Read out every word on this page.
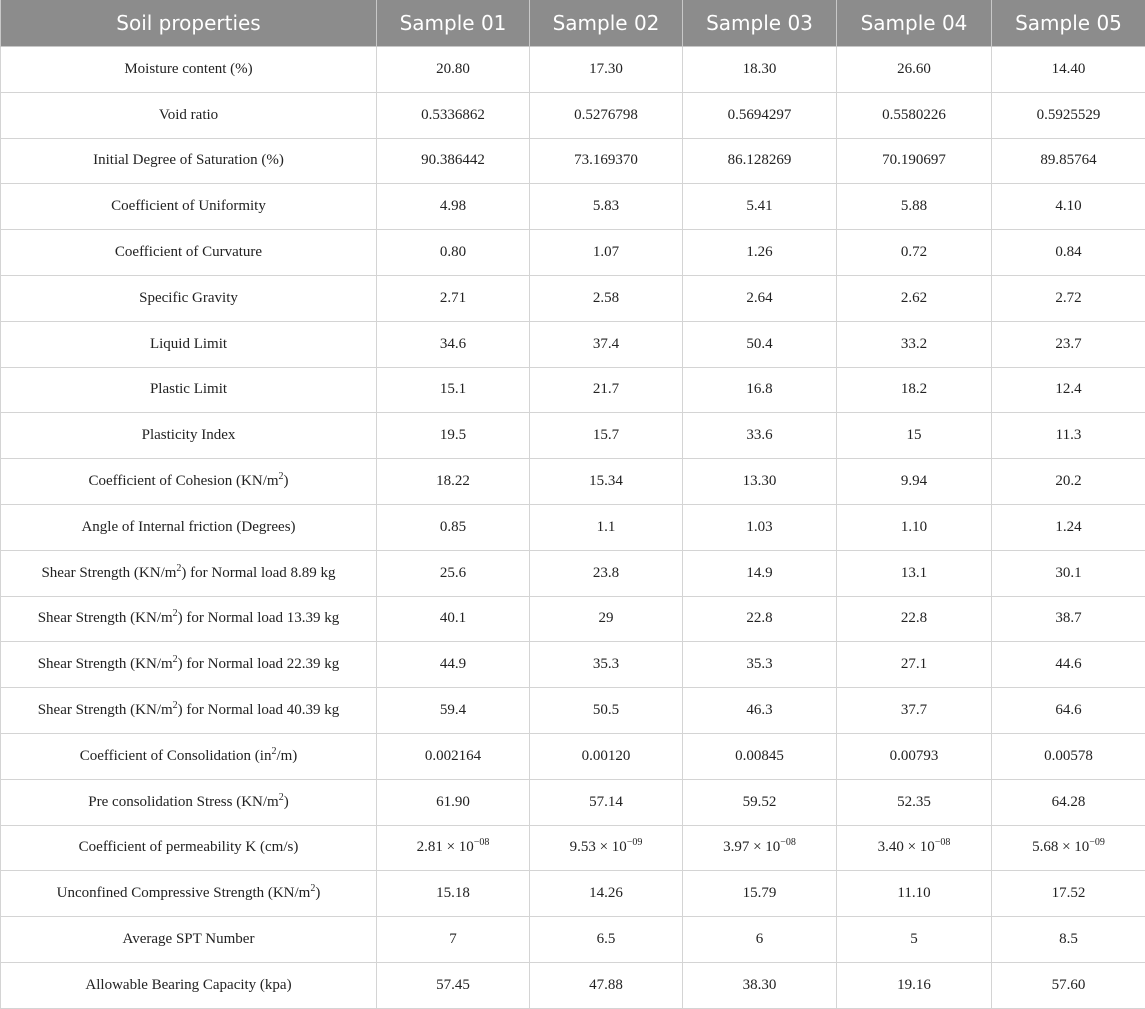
Soil properties	Sample 01	Sample 02	Sample 03	Sample 04	Sample 05
Moisture content (%)	20.80	17.30	18.30	26.60	14.40
Void ratio	0.5336862	0.5276798	0.5694297	0.5580226	0.5925529
Initial Degree of Saturation (%)	90.386442	73.169370	86.128269	70.190697	89.85764
Coefficient of Uniformity	4.98	5.83	5.41	5.88	4.10
Coefficient of Curvature	0.80	1.07	1.26	0.72	0.84
Specific Gravity	2.71	2.58	2.64	2.62	2.72
Liquid Limit	34.6	37.4	50.4	33.2	23.7
Plastic Limit	15.1	21.7	16.8	18.2	12.4
Plasticity Index	19.5	15.7	33.6	15	11.3
Coefficient of Cohesion $(KN/m^2)$	18.22	15.34	13.30	9.94	20.2
Angle of Internal friction (Degrees)	0.85	1.1	1.03	1.10	1.24
Shear Strength $(KN/m^2)$ for Normal load 8.89 kg	25.6	23.8	14.9	13.1	30.1
Shear Strength $(KN/m^2)$ for Normal load 13.39 kg	40.1	29	22.8	22.8	38.7
Shear Strength $(KN/m^2)$ for Normal load 22.39 kg	44.9	35.3	35.3	27.1	44.6
Shear Strength $(KN/m^2)$ for Normal load 40.39 kg	59.4	50.5	46.3	37.7	64.6
Coefficient of Consolidation $(in^2/m)$	0.002164	0.00120	0.00845	0.00793	0.00578
Pre consolidation Stress $(KN/m^2)$	61.90	57.14	59.52	52.35	64.28
Coefficient of permeability K (cm/s)	$2.81 \times 10^{-08}$	$9.53 \times 10^{-09}$	$3.97 \times 10^{-08}$	$3.40 \times 10^{-08}$	$5.68 \times 10^{-09}$
Unconfined Compressive Strength $(KN/m^2)$	15.18	14.26	15.79	11.10	17.52
Average SPT Number	7	6.5	6	5	8.5
Allowable Bearing Capacity (kpa)	57.45	47.88	38.30	19.16	57.60
